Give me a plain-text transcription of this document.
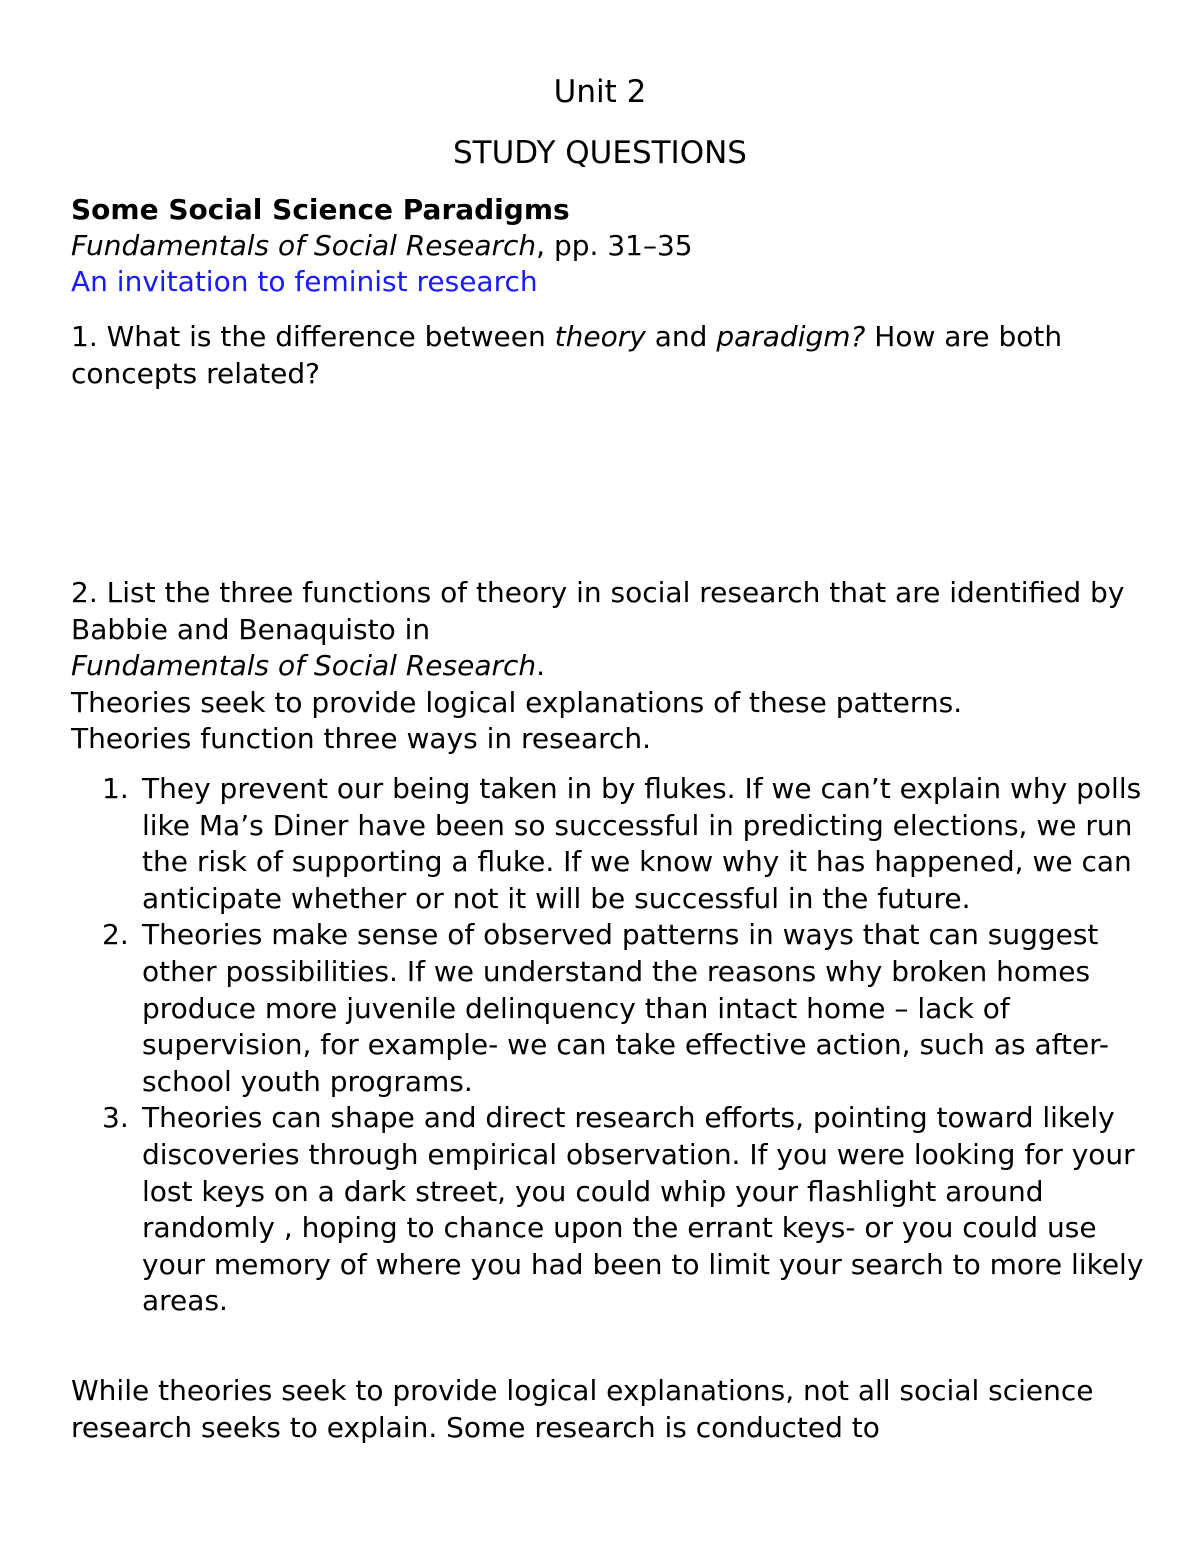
Unit 2
STUDY QUESTIONS
Some Social Science Paradigms
Fundamentals of Social Research, pp. 31–35
An invitation to feminist research
1. What is the difference between theory and paradigm? How are both concepts related?
2. List the three functions of theory in social research that are identified by Babbie and Benaquisto in
Fundamentals of Social Research.
Theories seek to provide logical explanations of these patterns.
Theories function three ways in research.
1. They prevent our being taken in by flukes. If we can’t explain why polls like Ma’s Diner have been so successful in predicting elections, we run the risk of supporting a fluke. If we know why it has happened, we can anticipate whether or not it will be successful in the future.
2. Theories make sense of observed patterns in ways that can suggest other possibilities. If we understand the reasons why broken homes produce more juvenile delinquency than intact home – lack of supervision, for example- we can take effective action, such as after-school youth programs.
3. Theories can shape and direct research efforts, pointing toward likely discoveries through empirical observation. If you were looking for your lost keys on a dark street, you could whip your flashlight around randomly , hoping to chance upon the errant keys- or you could use your memory of where you had been to limit your search to more likely areas.
While theories seek to provide logical explanations, not all social science research seeks to explain. Some research is conducted to
